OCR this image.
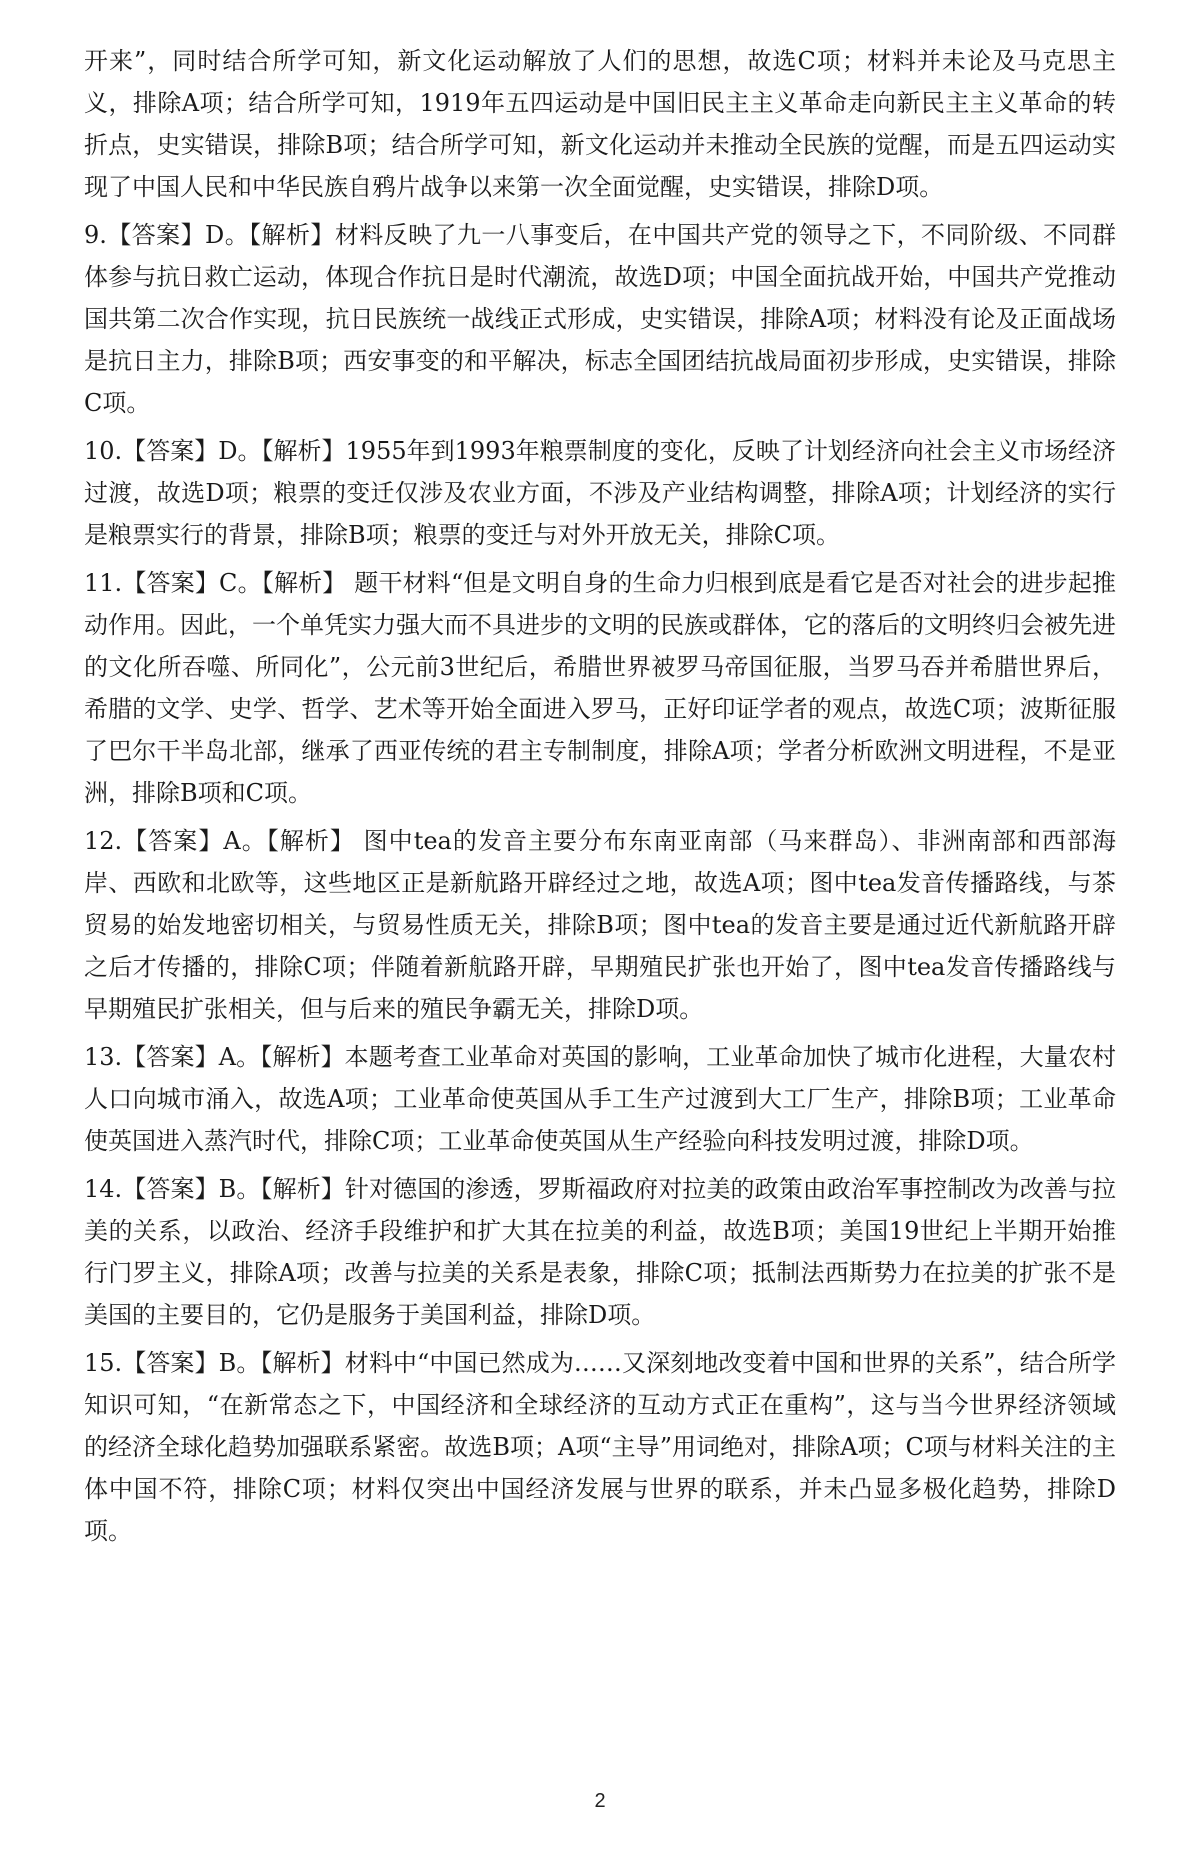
开来”，同时结合所学可知，新文化运动解放了人们的思想，故选C项；材料并未论及马克思主义，排除A项；结合所学可知，1919年五四运动是中国旧民主主义革命走向新民主主义革命的转折点，史实错误，排除B项；结合所学可知，新文化运动并未推动全民族的觉醒，而是五四运动实现了中国人民和中华民族自鸦片战争以来第一次全面觉醒，史实错误，排除D项。

9.【答案】D。【解析】材料反映了九一八事变后，在中国共产党的领导之下，不同阶级、不同群体参与抗日救亡运动，体现合作抗日是时代潮流，故选D项；中国全面抗战开始，中国共产党推动国共第二次合作实现，抗日民族统一战线正式形成，史实错误，排除A项；材料没有论及正面战场是抗日主力，排除B项；西安事变的和平解决，标志全国团结抗战局面初步形成，史实错误，排除C项。

10.【答案】D。【解析】1955年到1993年粮票制度的变化，反映了计划经济向社会主义市场经济过渡，故选D项；粮票的变迁仅涉及农业方面，不涉及产业结构调整，排除A项；计划经济的实行是粮票实行的背景，排除B项；粮票的变迁与对外开放无关，排除C项。

11.【答案】C。【解析】 题干材料“但是文明自身的生命力归根到底是看它是否对社会的进步起推动作用。因此，一个单凭实力强大而不具进步的文明的民族或群体，它的落后的文明终归会被先进的文化所吞噬、所同化”，公元前3世纪后，希腊世界被罗马帝国征服，当罗马吞并希腊世界后，希腊的文学、史学、哲学、艺术等开始全面进入罗马，正好印证学者的观点，故选C项；波斯征服了巴尔干半岛北部，继承了西亚传统的君主专制制度，排除A项；学者分析欧洲文明进程，不是亚洲，排除B项和C项。

12.【答案】A。【解析】 图中tea的发音主要分布东南亚南部（马来群岛）、非洲南部和西部海岸、西欧和北欧等，这些地区正是新航路开辟经过之地，故选A项；图中tea发音传播路线，与茶贸易的始发地密切相关，与贸易性质无关，排除B项；图中tea的发音主要是通过近代新航路开辟之后才传播的，排除C项；伴随着新航路开辟，早期殖民扩张也开始了，图中tea发音传播路线与早期殖民扩张相关，但与后来的殖民争霸无关，排除D项。

13.【答案】A。【解析】本题考查工业革命对英国的影响，工业革命加快了城市化进程，大量农村人口向城市涌入，故选A项；工业革命使英国从手工生产过渡到大工厂生产，排除B项；工业革命使英国进入蒸汽时代，排除C项；工业革命使英国从生产经验向科技发明过渡，排除D项。

14.【答案】B。【解析】针对德国的渗透，罗斯福政府对拉美的政策由政治军事控制改为改善与拉美的关系，以政治、经济手段维护和扩大其在拉美的利益，故选B项；美国19世纪上半期开始推行门罗主义，排除A项；改善与拉美的关系是表象，排除C项；抵制法西斯势力在拉美的扩张不是美国的主要目的，它仍是服务于美国利益，排除D项。

15.【答案】B。【解析】材料中“中国已然成为……又深刻地改变着中国和世界的关系”，结合所学知识可知，“在新常态之下，中国经济和全球经济的互动方式正在重构”，这与当今世界经济领域的经济全球化趋势加强联系紧密。故选B项；A项“主导”用词绝对，排除A项；C项与材料关注的主体中国不符，排除C项；材料仅突出中国经济发展与世界的联系，并未凸显多极化趋势，排除D项。

2
